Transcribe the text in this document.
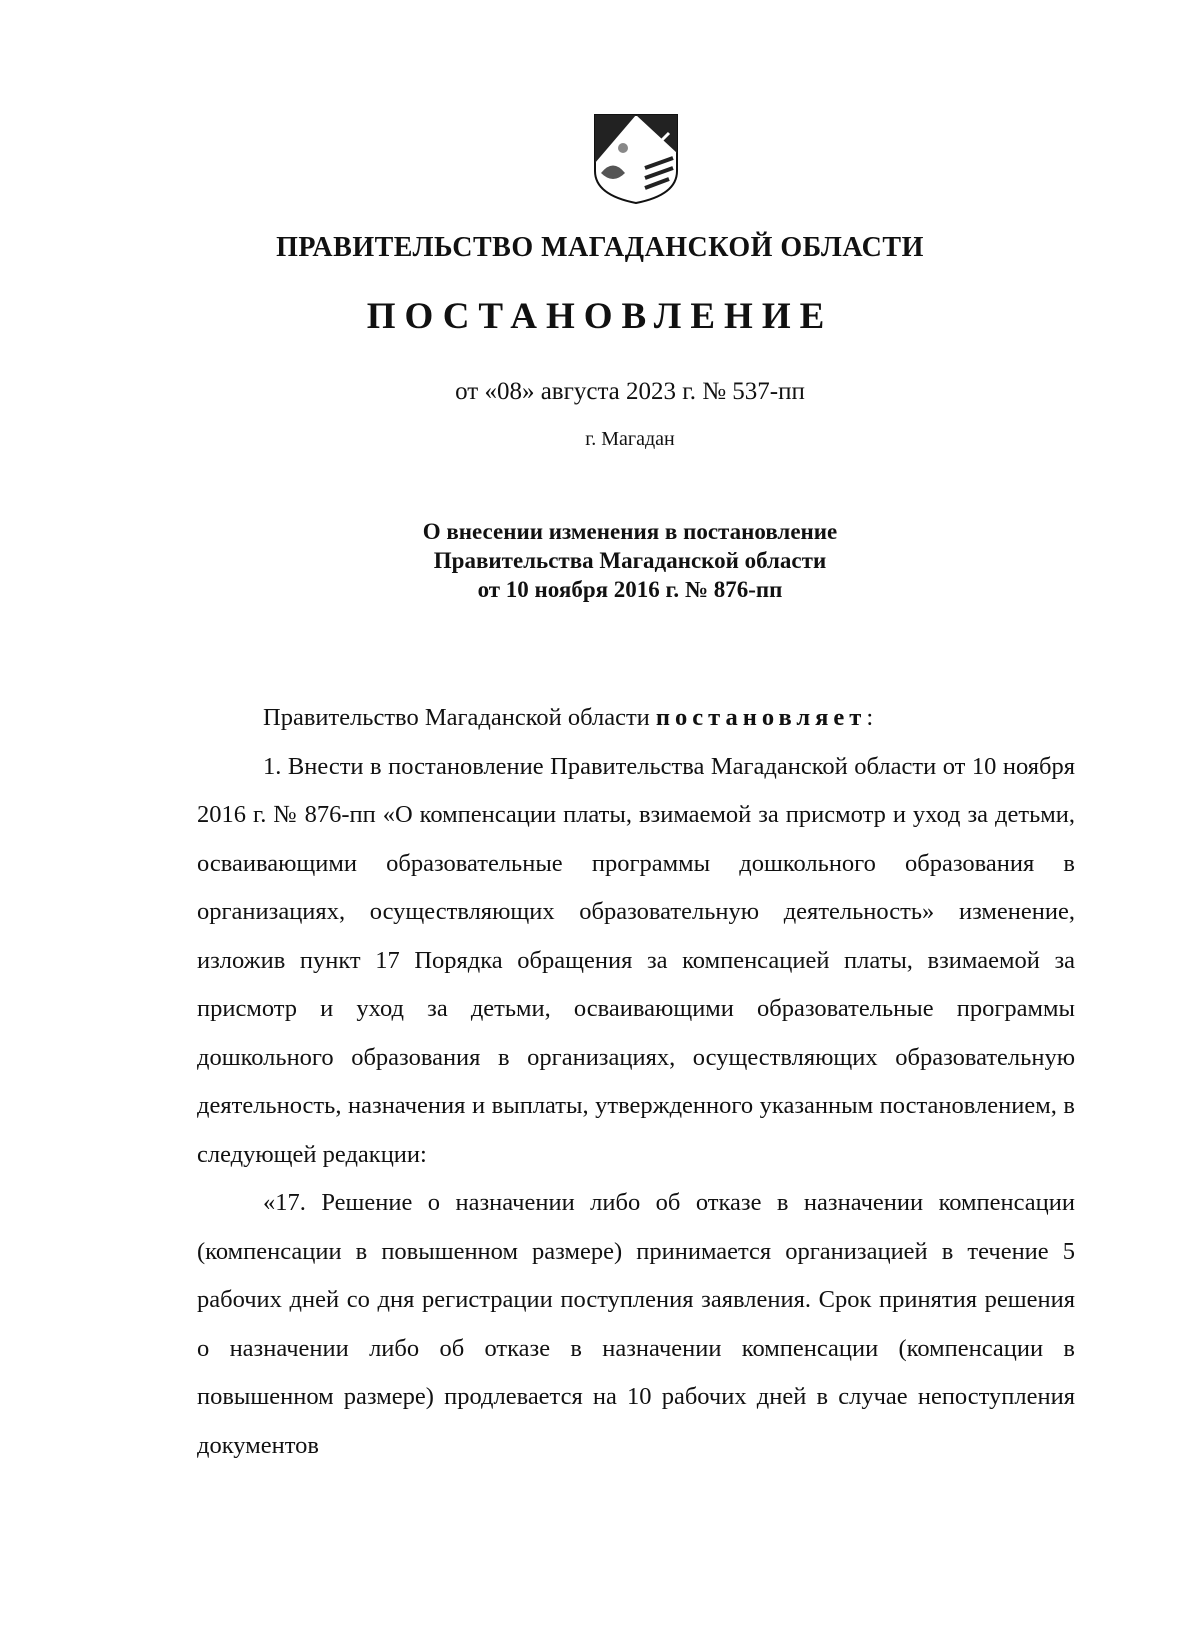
ПРАВИТЕЛЬСТВО МАГАДАНСКОЙ ОБЛАСТИ
ПОСТАНОВЛЕНИЕ
от «08» августа 2023 г. № 537-пп
г. Магадан
О внесении изменения в постановление
Правительства Магаданской области
от 10 ноября 2016 г. № 876-пп

Правительство Магаданской области постановляет:

1. Внести в постановление Правительства Магаданской области от 10 ноября 2016 г. № 876-пп «О компенсации платы, взимаемой за присмотр и уход за детьми, осваивающими образовательные программы дошкольного образования в организациях, осуществляющих образовательную деятельность» изменение, изложив пункт 17 Порядка обращения за компенсацией платы, взимаемой за присмотр и уход за детьми, осваивающими образовательные программы дошкольного образования в организациях, осуществляющих образовательную деятельность, назначения и выплаты, утвержденного указанным постановлением, в следующей редакции:

«17. Решение о назначении либо об отказе в назначении компенсации (компенсации в повышенном размере) принимается организацией в течение 5 рабочих дней со дня регистрации поступления заявления. Срок принятия решения о назначении либо об отказе в назначении компенсации (компенсации в повышенном размере) продлевается на 10 рабочих дней в случае непоступления документов
